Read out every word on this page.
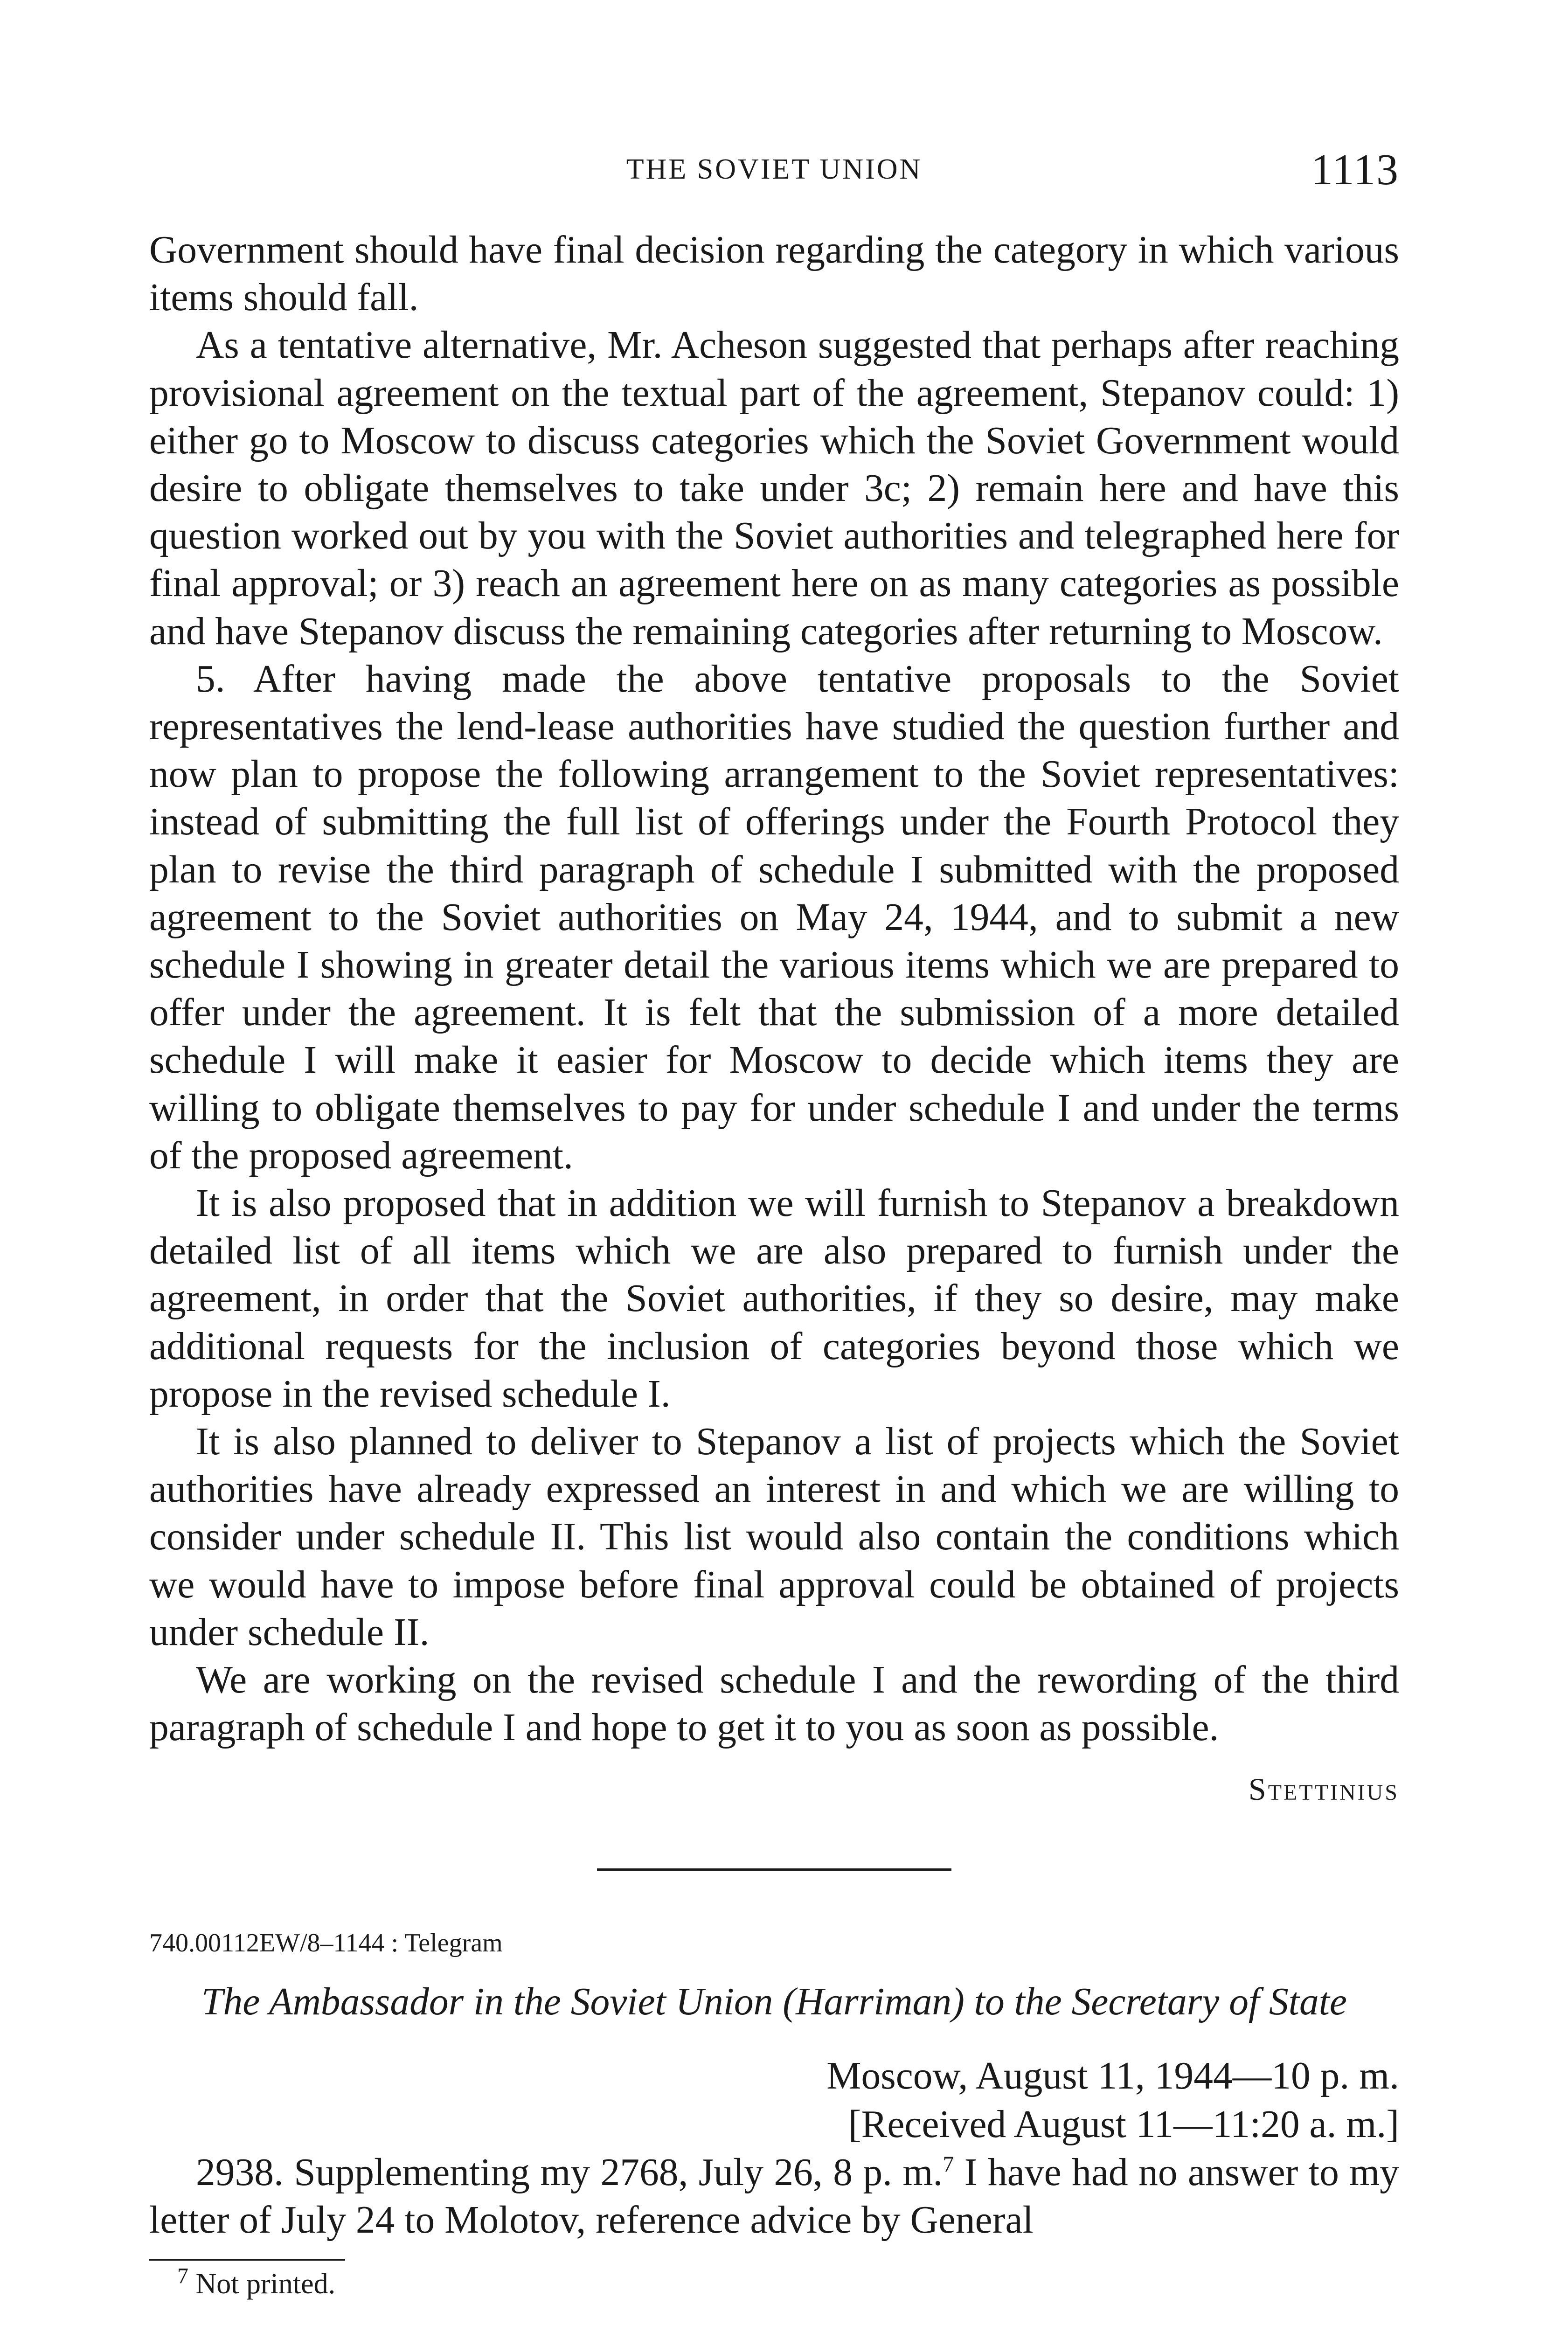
THE SOVIET UNION	1113

Government should have final decision regarding the category in which various items should fall.

As a tentative alternative, Mr. Acheson suggested that perhaps after reaching provisional agreement on the textual part of the agreement, Stepanov could: 1) either go to Moscow to discuss categories which the Soviet Government would desire to obligate themselves to take under 3c; 2) remain here and have this question worked out by you with the Soviet authorities and telegraphed here for final approval; or 3) reach an agreement here on as many categories as possible and have Stepanov discuss the remaining categories after returning to Moscow.

5. After having made the above tentative proposals to the Soviet representatives the lend-lease authorities have studied the question further and now plan to propose the following arrangement to the Soviet representatives: instead of submitting the full list of offerings under the Fourth Protocol they plan to revise the third paragraph of schedule I submitted with the proposed agreement to the Soviet authorities on May 24, 1944, and to submit a new schedule I showing in greater detail the various items which we are prepared to offer under the agreement. It is felt that the submission of a more detailed schedule I will make it easier for Moscow to decide which items they are willing to obligate themselves to pay for under schedule I and under the terms of the proposed agreement.

It is also proposed that in addition we will furnish to Stepanov a breakdown detailed list of all items which we are also prepared to furnish under the agreement, in order that the Soviet authorities, if they so desire, may make additional requests for the inclusion of categories beyond those which we propose in the revised schedule I.

It is also planned to deliver to Stepanov a list of projects which the Soviet authorities have already expressed an interest in and which we are willing to consider under schedule II. This list would also contain the conditions which we would have to impose before final approval could be obtained of projects under schedule II.

We are working on the revised schedule I and the rewording of the third paragraph of schedule I and hope to get it to you as soon as possible.

Stettinius
740.00112EW/8–1144 : Telegram
The Ambassador in the Soviet Union (Harriman) to the Secretary of State
Moscow, August 11, 1944—10 p. m.
[Received August 11—11:20 a. m.]

2938. Supplementing my 2768, July 26, 8 p. m.$^7$ I have had no answer to my letter of July 24 to Molotov, reference advice by General

$^7$ Not printed.
